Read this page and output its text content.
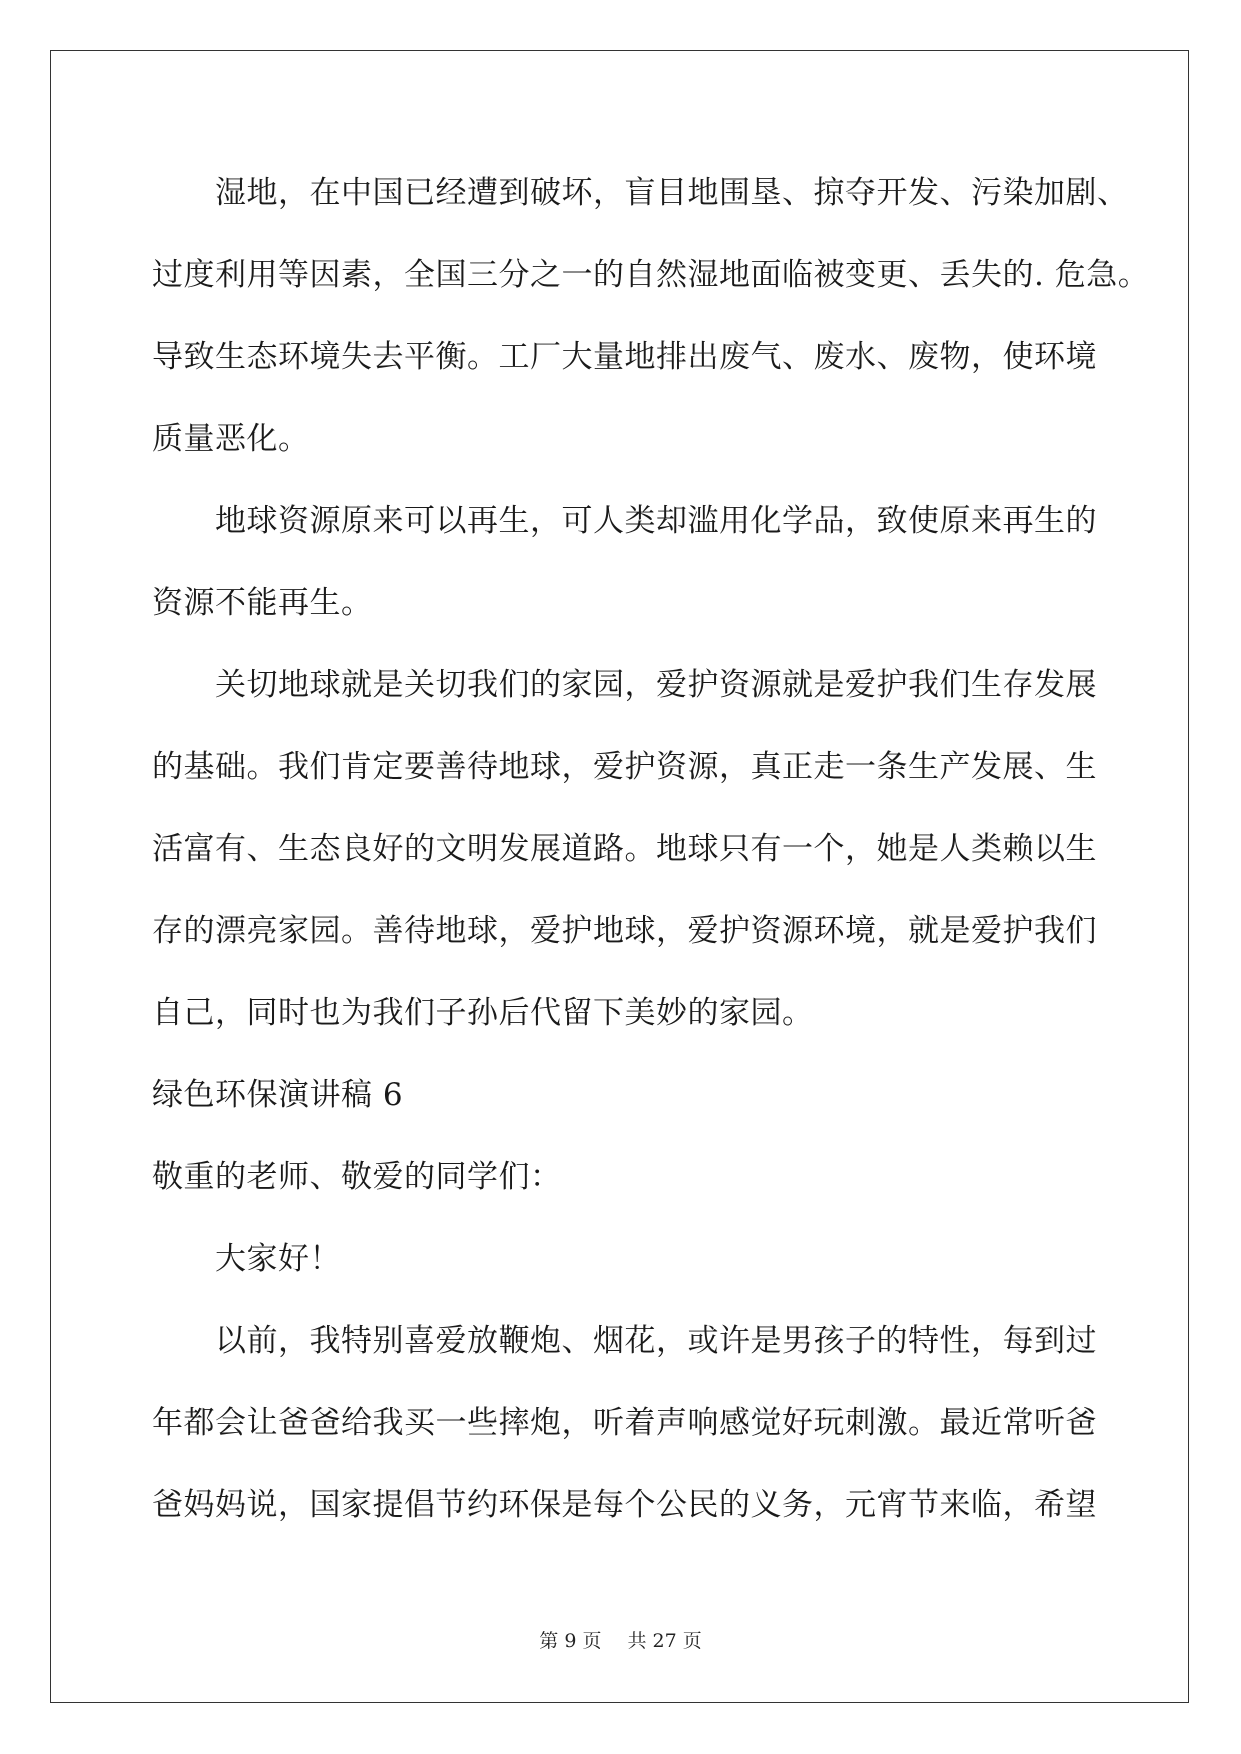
湿地，在中国已经遭到破坏，盲目地围垦、掠夺开发、污染加剧、
过度利用等因素，全国三分之一的自然湿地面临被变更、丢失的. 危急。
导致生态环境失去平衡。工厂大量地排出废气、废水、废物，使环境
质量恶化。
地球资源原来可以再生，可人类却滥用化学品，致使原来再生的
资源不能再生。
关切地球就是关切我们的家园，爱护资源就是爱护我们生存发展
的基础。我们肯定要善待地球，爱护资源，真正走一条生产发展、生
活富有、生态良好的文明发展道路。地球只有一个，她是人类赖以生
存的漂亮家园。善待地球，爱护地球，爱护资源环境，就是爱护我们
自己，同时也为我们子孙后代留下美妙的家园。
绿色环保演讲稿 6
敬重的老师、敬爱的同学们：
大家好！
以前，我特别喜爱放鞭炮、烟花，或许是男孩子的特性，每到过
年都会让爸爸给我买一些摔炮，听着声响感觉好玩刺激。最近常听爸
爸妈妈说，国家提倡节约环保是每个公民的义务，元宵节来临，希望
第 9 页 共 27 页
